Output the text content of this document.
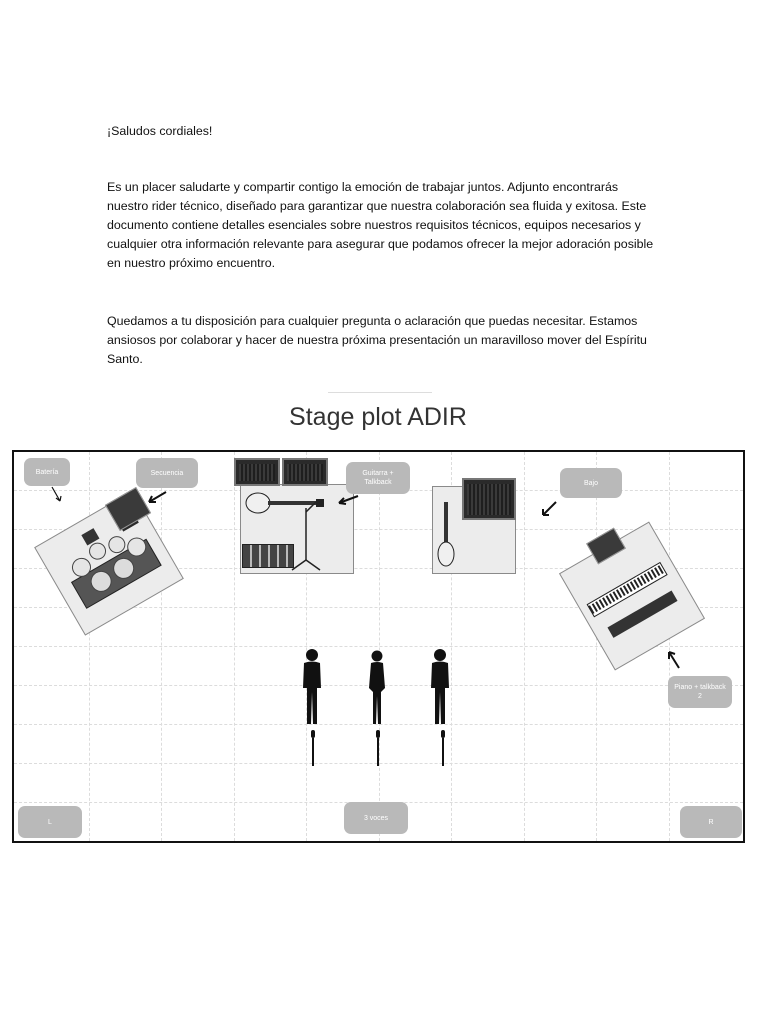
¡Saludos cordiales!

Es un placer saludarte y compartir contigo la emoción de trabajar juntos. Adjunto encontrarás nuestro rider técnico, diseñado para garantizar que nuestra colaboración sea fluida y exitosa. Este documento contiene detalles esenciales sobre nuestros requisitos técnicos, equipos necesarios y cualquier otra información relevante para asegurar que podamos ofrecer la mejor adoración posible en nuestro próximo encuentro.

Quedamos a tu disposición para cualquier pregunta o aclaración que puedas necesitar. Estamos ansiosos por colaborar y hacer de nuestra próxima presentación un maravilloso mover del Espíritu Santo.

Stage plot ADIR
Batería	Secuencia	Guitarra + Talkback	Bajo
Piano + talkback 2
L
3 voces
R
